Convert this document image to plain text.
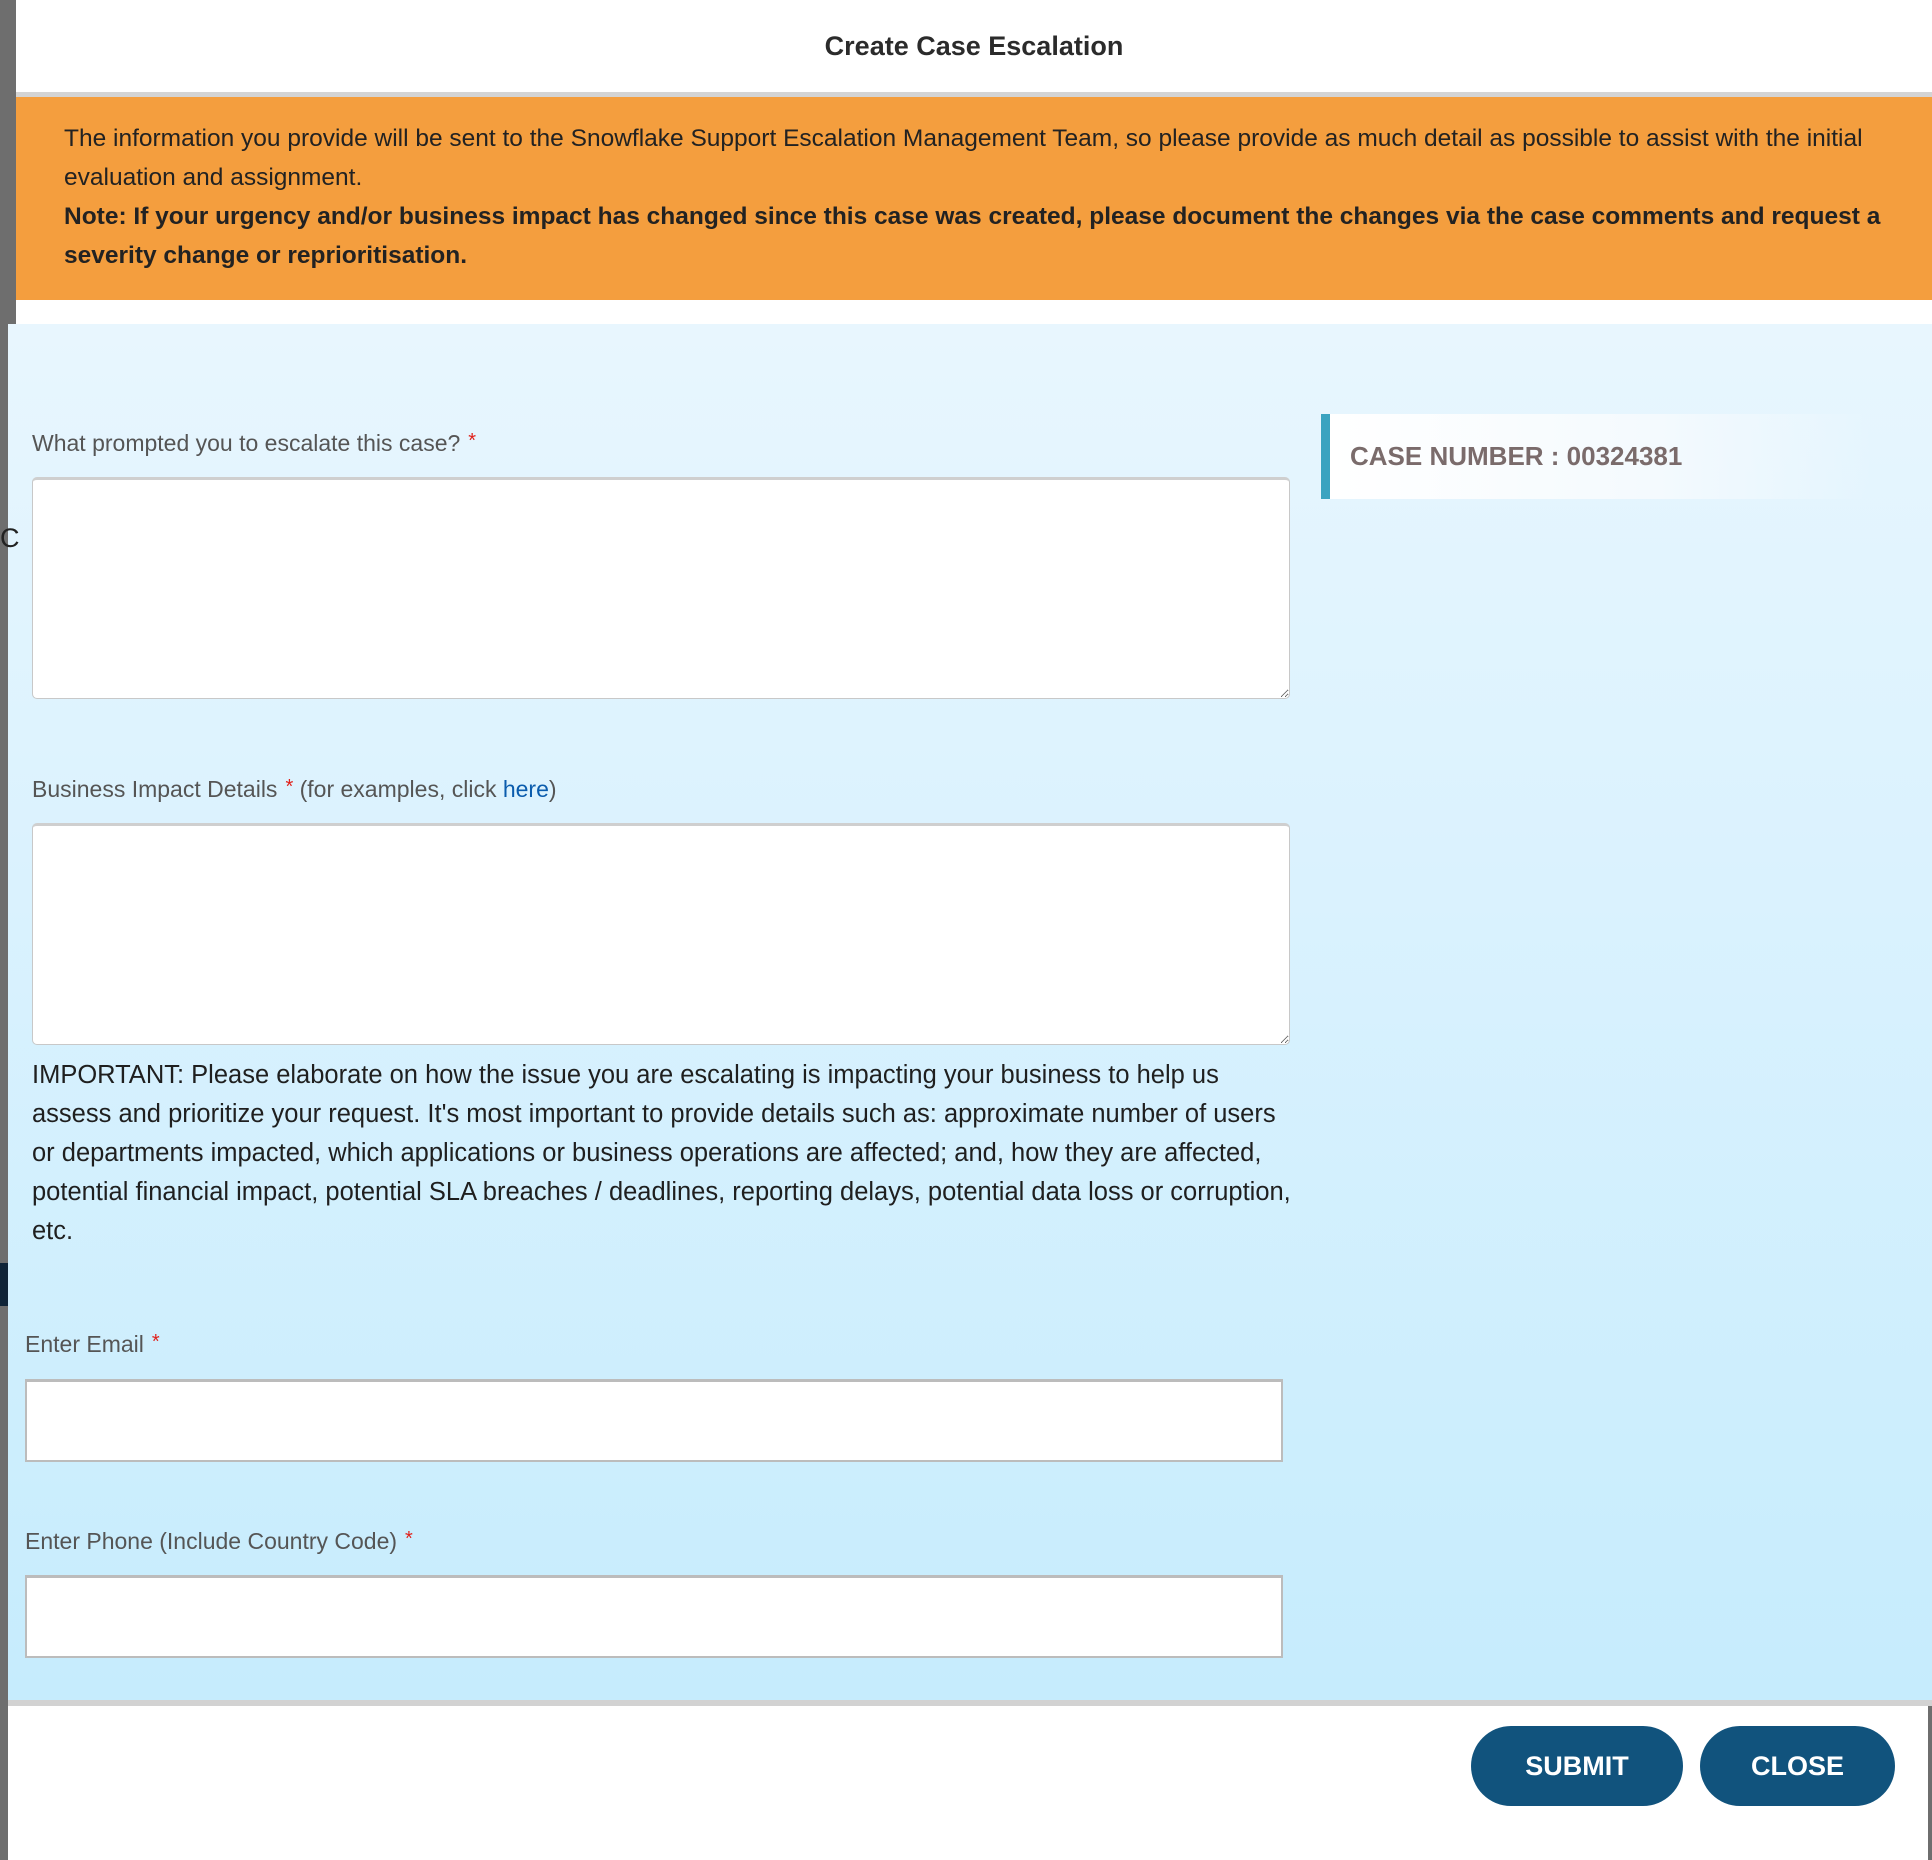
Create Case Escalation
The information you provide will be sent to the Snowflake Support Escalation Management Team, so please provide as much detail as possible to assist with the initial evaluation and assignment.
Note: If your urgency and/or business impact has changed since this case was created, please document the changes via the case comments and request a severity change or reprioritisation.
C
What prompted you to escalate this case? *	CASE NUMBER : 00324381
Business Impact Details * (for examples, click here)
IMPORTANT: Please elaborate on how the issue you are escalating is impacting your business to help us assess and prioritize your request. It's most important to provide details such as: approximate number of users or departments impacted, which applications or business operations are affected; and, how they are affected, potential financial impact, potential SLA breaches / deadlines, reporting delays, potential data loss or corruption, etc.
Enter Email *
Enter Phone (Include Country Code) *
SUBMIT	CLOSE
